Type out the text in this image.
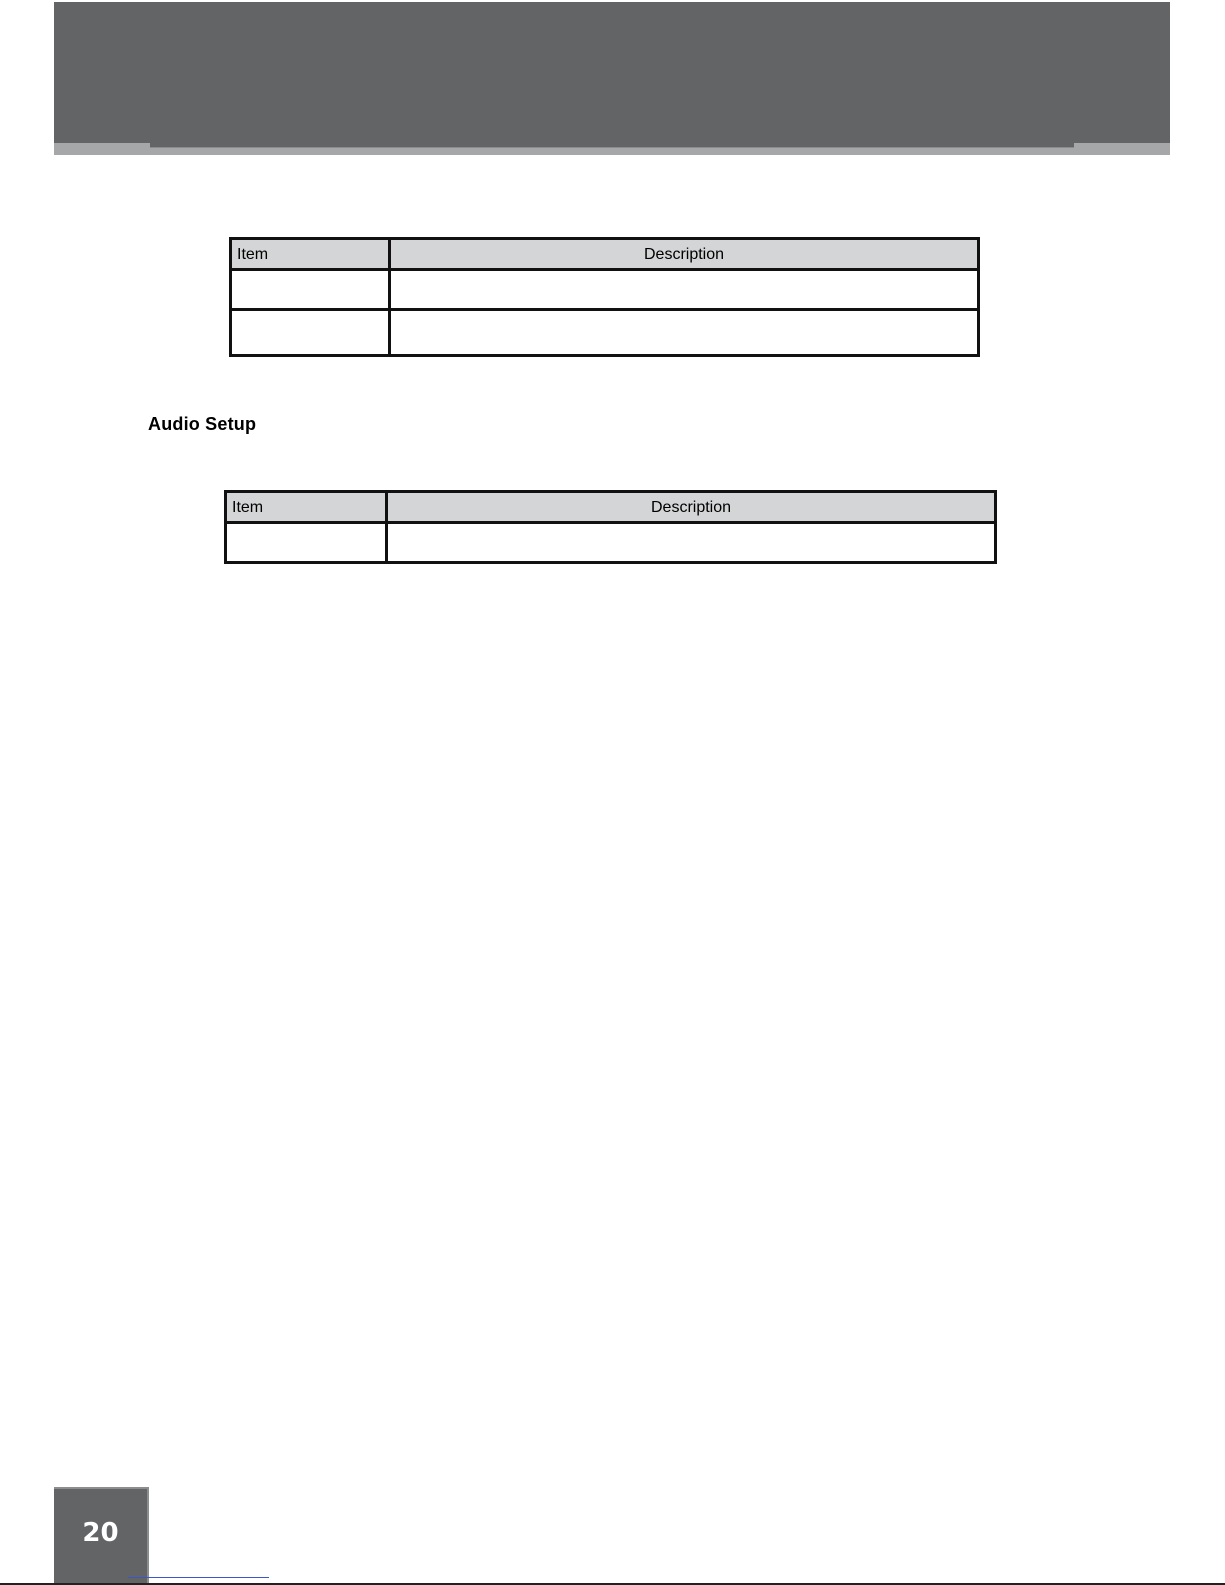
Item	Description

Audio Setup
Item	Description

20
